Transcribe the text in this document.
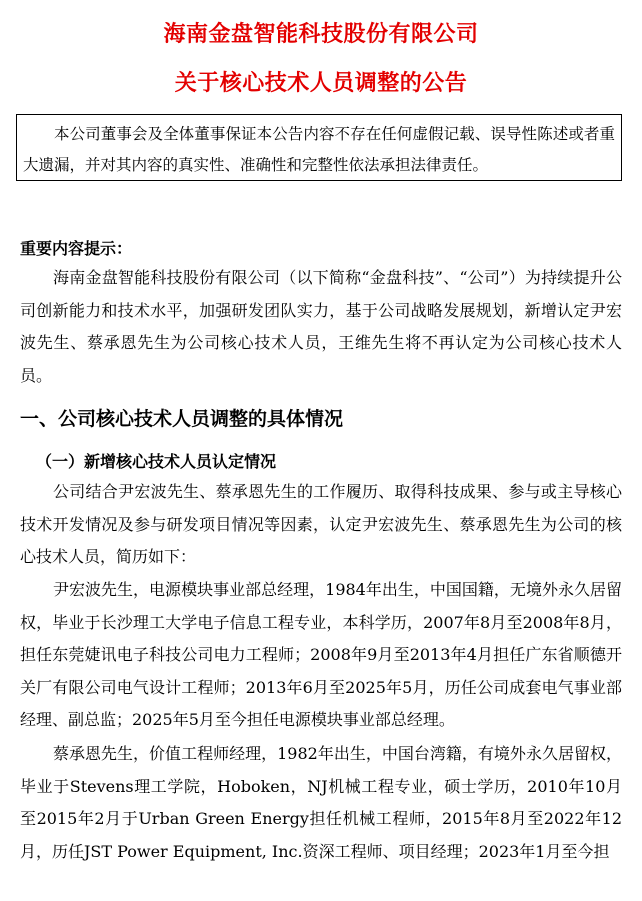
海南金盘智能科技股份有限公司
关于核心技术人员调整的公告
本公司董事会及全体董事保证本公告内容不存在任何虚假记载、误导性陈述或者重大遗漏，并对其内容的真实性、准确性和完整性依法承担法律责任。
重要内容提示：

海南金盘智能科技股份有限公司（以下简称“金盘科技”、“公司”）为持续提升公司创新能力和技术水平，加强研发团队实力，基于公司战略发展规划，新增认定尹宏波先生、蔡承恩先生为公司核心技术人员，王维先生将不再认定为公司核心技术人员。

一、公司核心技术人员调整的具体情况
（一）新增核心技术人员认定情况

公司结合尹宏波先生、蔡承恩先生的工作履历、取得科技成果、参与或主导核心技术开发情况及参与研发项目情况等因素，认定尹宏波先生、蔡承恩先生为公司的核心技术人员，简历如下：

尹宏波先生，电源模块事业部总经理，1984年出生，中国国籍，无境外永久居留权，毕业于长沙理工大学电子信息工程专业，本科学历，2007年8月至2008年8月，担任东莞婕讯电子科技公司电力工程师；2008年9月至2013年4月担任广东省顺德开关厂有限公司电气设计工程师；2013年6月至2025年5月，历任公司成套电气事业部经理、副总监；2025年5月至今担任电源模块事业部总经理。

蔡承恩先生，价值工程师经理，1982年出生，中国台湾籍，有境外永久居留权，毕业于Stevens理工学院，Hoboken，NJ机械工程专业，硕士学历，2010年10月至2015年2月于Urban Green Energy担任机械工程师，2015年8月至2022年12月，历任JST Power Equipment, Inc.资深工程师、项目经理；2023年1月至今担
